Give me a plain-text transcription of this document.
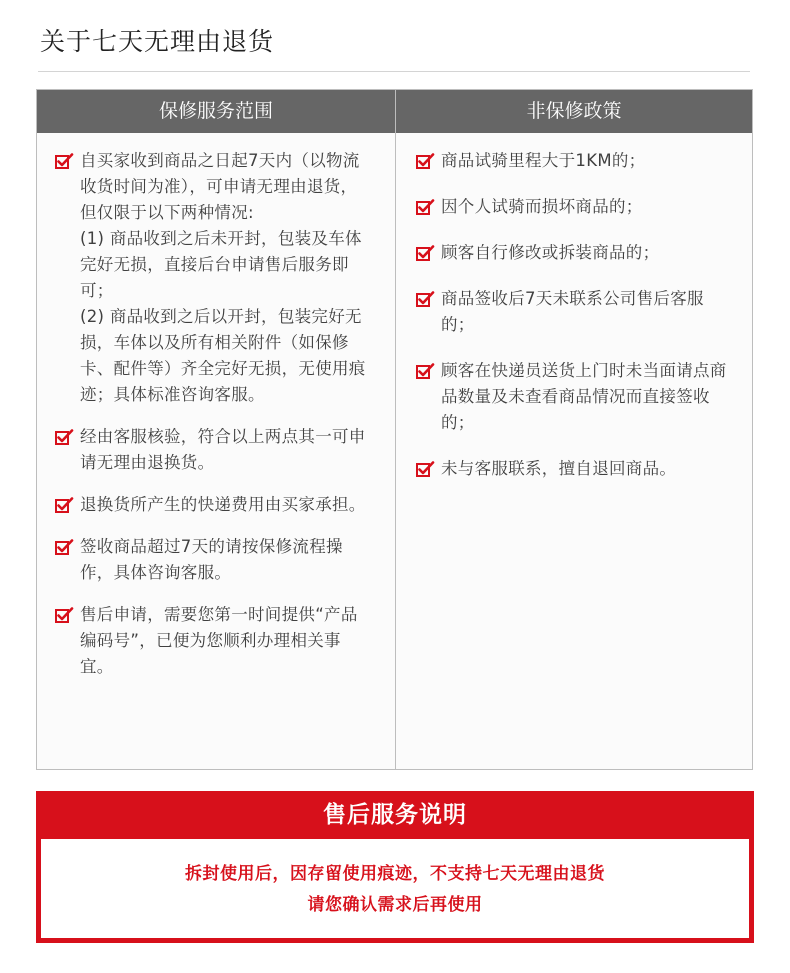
关于七天无理由退货
保修服务范围	非保修政策
自买家收到商品之日起7天内（以物流收货时间为准），可申请无理由退货，但仅限于以下两种情况:
(1) 商品收到之后未开封，包装及车体完好无损，直接后台申请售后服务即可；
(2) 商品收到之后以开封，包装完好无损，车体以及所有相关附件（如保修卡、配件等）齐全完好无损，无使用痕迹；具体标准咨询客服。
经由客服核验，符合以上两点其一可申请无理由退换货。
退换货所产生的快递费用由买家承担。
签收商品超过7天的请按保修流程操作，具体咨询客服。
售后申请，需要您第一时间提供“产品编码号”，已便为您顺利办理相关事宜。
商品试骑里程大于1KM的；
因个人试骑而损坏商品的；
顾客自行修改或拆装商品的；
商品签收后7天未联系公司售后客服的；
顾客在快递员送货上门时未当面请点商品数量及未查看商品情况而直接签收的；
未与客服联系，擅自退回商品。
售后服务说明
拆封使用后，因存留使用痕迹，不支持七天无理由退货
请您确认需求后再使用
